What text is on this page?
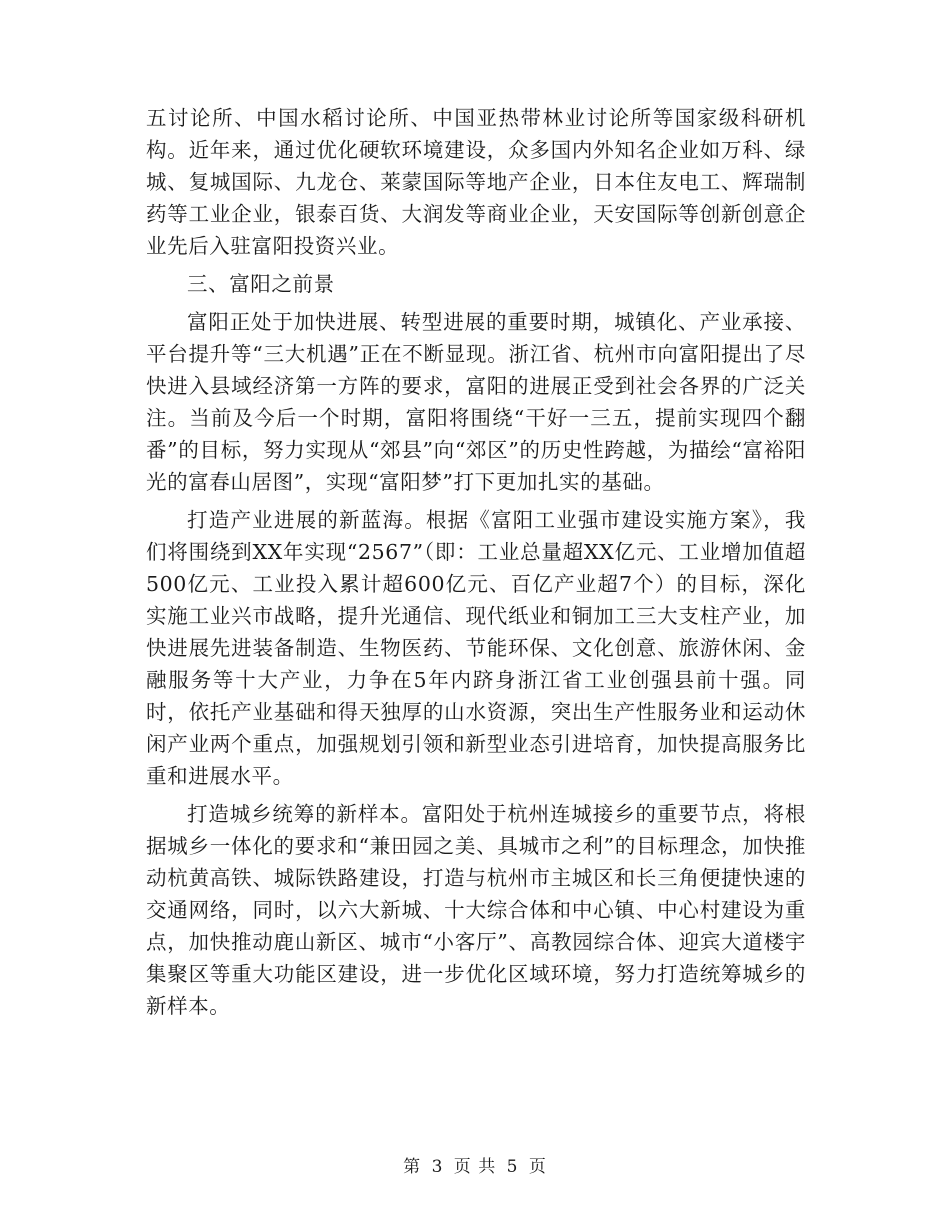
五讨论所、中国水稻讨论所、中国亚热带林业讨论所等国家级科研机构。近年来，通过优化硬软环境建设，众多国内外知名企业如万科、绿城、复城国际、九龙仓、莱蒙国际等地产企业，日本住友电工、辉瑞制药等工业企业，银泰百货、大润发等商业企业，天安国际等创新创意企业先后入驻富阳投资兴业。

三、富阳之前景

富阳正处于加快进展、转型进展的重要时期，城镇化、产业承接、平台提升等“三大机遇”正在不断显现。浙江省、杭州市向富阳提出了尽快进入县域经济第一方阵的要求，富阳的进展正受到社会各界的广泛关注。当前及今后一个时期，富阳将围绕“干好一三五，提前实现四个翻番”的目标，努力实现从“郊县”向“郊区”的历史性跨越，为描绘“富裕阳光的富春山居图”，实现“富阳梦”打下更加扎实的基础。

打造产业进展的新蓝海。根据《富阳工业强市建设实施方案》，我们将围绕到XX年实现“2567”（即：工业总量超XX亿元、工业增加值超500亿元、工业投入累计超600亿元、百亿产业超7个）的目标，深化实施工业兴市战略，提升光通信、现代纸业和铜加工三大支柱产业，加快进展先进装备制造、生物医药、节能环保、文化创意、旅游休闲、金融服务等十大产业，力争在5年内跻身浙江省工业创强县前十强。同时，依托产业基础和得天独厚的山水资源，突出生产性服务业和运动休闲产业两个重点，加强规划引领和新型业态引进培育，加快提高服务比重和进展水平。

打造城乡统筹的新样本。富阳处于杭州连城接乡的重要节点，将根据城乡一体化的要求和“兼田园之美、具城市之利”的目标理念，加快推动杭黄高铁、城际铁路建设，打造与杭州市主城区和长三角便捷快速的交通网络，同时，以六大新城、十大综合体和中心镇、中心村建设为重点，加快推动鹿山新区、城市“小客厅”、高教园综合体、迎宾大道楼宇集聚区等重大功能区建设，进一步优化区域环境，努力打造统筹城乡的新样本。

第 3 页 共 5 页
